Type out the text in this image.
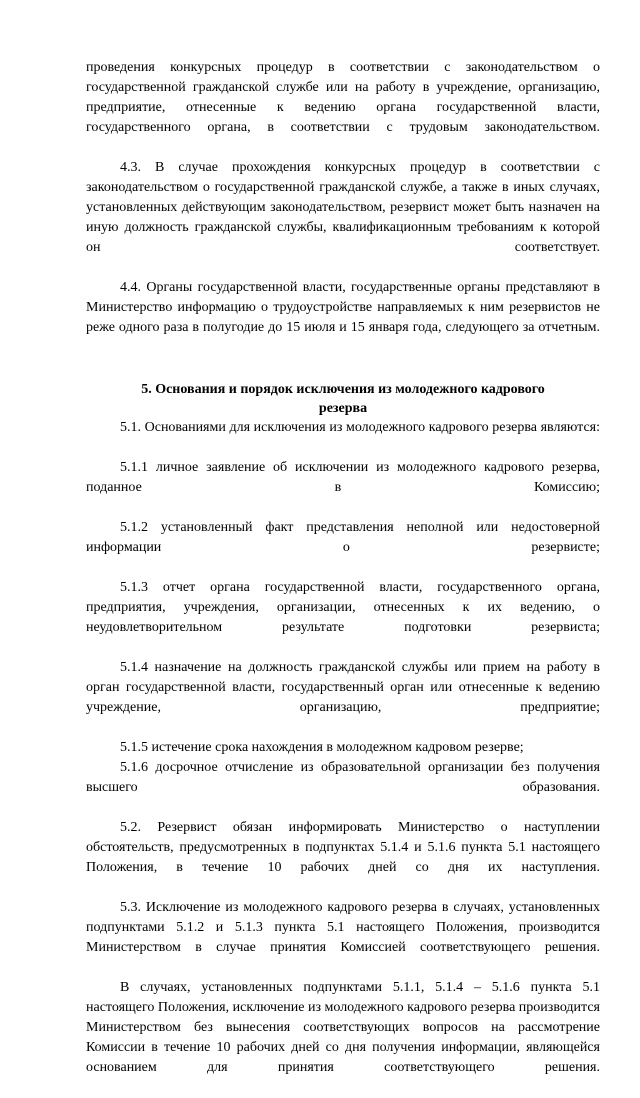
проведения конкурсных процедур в соответствии с законодательством о государственной гражданской службе или на работу в учреждение, организацию, предприятие, отнесенные к ведению органа государственной власти, государственного органа, в соответствии с трудовым законодательством.

4.3. В случае прохождения конкурсных процедур в соответствии с законодательством о государственной гражданской службе, а также в иных случаях, установленных действующим законодательством, резервист может быть назначен на иную должность гражданской службы, квалификационным требованиям к которой он соответствует.

4.4. Органы государственной власти, государственные органы представляют в Министерство информацию о трудоустройстве направляемых к ним резервистов не реже одного раза в полугодие до 15 июля и 15 января года, следующего за отчетным.

5. Основания и порядок исключения из молодежного кадрового
резерва

5.1. Основаниями для исключения из молодежного кадрового резерва являются:

5.1.1 личное заявление об исключении из молодежного кадрового резерва, поданное в Комиссию;

5.1.2 установленный факт представления неполной или недостоверной информации о резервисте;

5.1.3 отчет органа государственной власти, государственного органа, предприятия, учреждения, организации, отнесенных к их ведению, о неудовлетворительном результате подготовки резервиста;

5.1.4 назначение на должность гражданской службы или прием на работу в орган государственной власти, государственный орган или отнесенные к ведению учреждение, организацию, предприятие;

5.1.5 истечение срока нахождения в молодежном кадровом резерве;

5.1.6 досрочное отчисление из образовательной организации без получения высшего образования.

5.2. Резервист обязан информировать Министерство о наступлении обстоятельств, предусмотренных в подпунктах 5.1.4 и 5.1.6 пункта 5.1 настоящего Положения, в течение 10 рабочих дней со дня их наступления.

5.3. Исключение из молодежного кадрового резерва в случаях, установленных подпунктами 5.1.2 и 5.1.3 пункта 5.1 настоящего Положения, производится Министерством в случае принятия Комиссией соответствующего решения.

В случаях, установленных подпунктами 5.1.1, 5.1.4 – 5.1.6 пункта 5.1 настоящего Положения, исключение из молодежного кадрового резерва производится Министерством без вынесения соответствующих вопросов на рассмотрение Комиссии в течение 10 рабочих дней со дня получения информации, являющейся основанием для принятия соответствующего решения.
